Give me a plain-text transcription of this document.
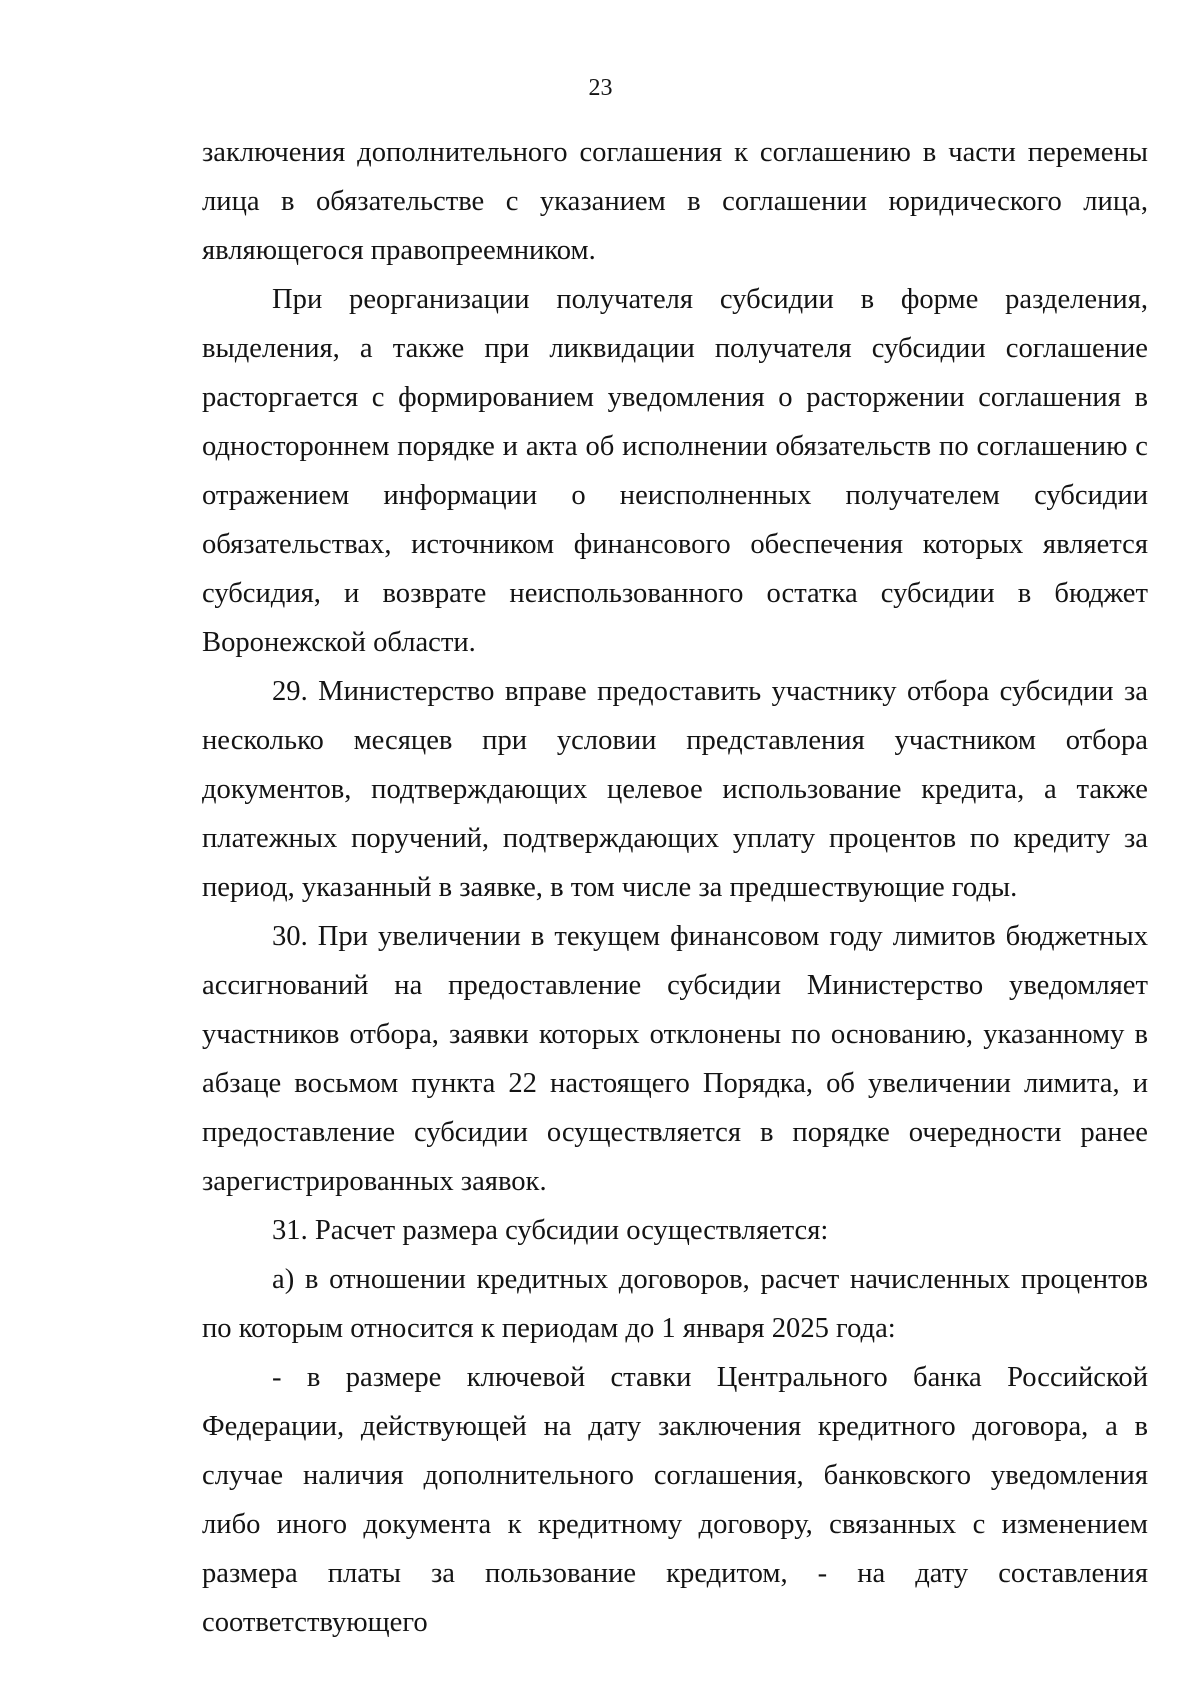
23

заключения дополнительного соглашения к соглашению в части перемены лица в обязательстве с указанием в соглашении юридического лица, являющегося правопреемником.

При реорганизации получателя субсидии в форме разделения, выделения, а также при ликвидации получателя субсидии соглашение расторгается с формированием уведомления о расторжении соглашения в одностороннем порядке и акта об исполнении обязательств по соглашению с отражением информации о неисполненных получателем субсидии обязательствах, источником финансового обеспечения которых является субсидия, и возврате неиспользованного остатка субсидии в бюджет Воронежской области.

29. Министерство вправе предоставить участнику отбора субсидии за несколько месяцев при условии представления участником отбора документов, подтверждающих целевое использование кредита, а также платежных поручений, подтверждающих уплату процентов по кредиту за период, указанный в заявке, в том числе за предшествующие годы.

30. При увеличении в текущем финансовом году лимитов бюджетных ассигнований на предоставление субсидии Министерство уведомляет участников отбора, заявки которых отклонены по основанию, указанному в абзаце восьмом пункта 22 настоящего Порядка, об увеличении лимита, и предоставление субсидии осуществляется в порядке очередности ранее зарегистрированных заявок.

31. Расчет размера субсидии осуществляется:

а) в отношении кредитных договоров, расчет начисленных процентов по которым относится к периодам до 1 января 2025 года:

- в размере ключевой ставки Центрального банка Российской Федерации, действующей на дату заключения кредитного договора, а в случае наличия дополнительного соглашения, банковского уведомления либо иного документа к кредитному договору, связанных с изменением размера платы за пользование кредитом, - на дату составления соответствующего
